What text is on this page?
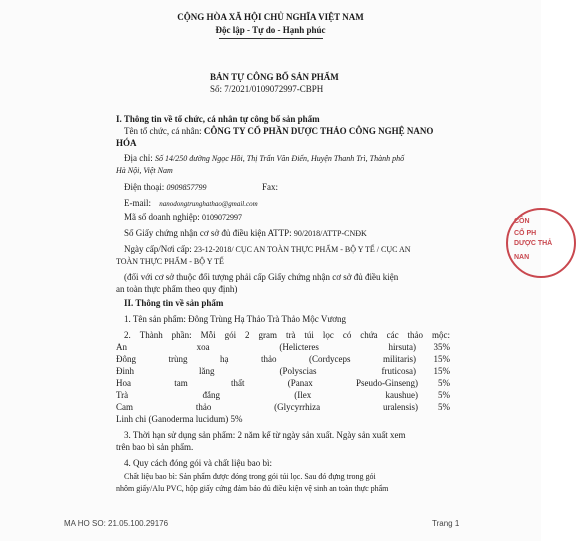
CỘNG HÒA XÃ HỘI CHỦ NGHĨA VIỆT NAM
Độc lập - Tự do - Hạnh phúc
BẢN TỰ CÔNG BỐ SẢN PHẨM
Số: 7/2021/0109072997-CBPH
I. Thông tin về tổ chức, cá nhân tự công bố sản phẩm
Tên tổ chức, cá nhân: CÔNG TY CỔ PHẦN DƯỢC THẢO CÔNG NGHỆ NANO
HÓA
Địa chỉ: Số 14/250 đường Ngọc Hồi, Thị Trấn Văn Điển, Huyện Thanh Trì, Thành phố
Hà Nội, Việt Nam
Điện thoại: 0909857799	Fax:
E-mail: nanodongtrunghathao@gmail.com
Mã số doanh nghiệp: 0109072997
Số Giấy chứng nhận cơ sở đủ điều kiện ATTP: 90/2018/ATTP-CNĐK
Ngày cấp/Nơi cấp: 23-12-2018/ CỤC AN TOÀN THỰC PHẨM - BỘ Y TẾ / CỤC AN
TOÀN THỰC PHẨM - BỘ Y TẾ
(đối với cơ sở thuộc đối tượng phải cấp Giấy chứng nhận cơ sở đủ điều kiện
an toàn thực phẩm theo quy định)
II. Thông tin về sản phẩm
1. Tên sản phẩm: Đông Trùng Hạ Thảo Trà Thảo Mộc Vương
2. Thành phần: Mỗi gói 2 gram trà túi lọc có chứa các thảo mộc:
An	xoa	(Helicteres	hirsuta) 35%
Đông	trùng	hạ	thảo	(Cordyceps	militaris) 15%
Đinh	lăng	(Polyscias	fruticosa) 15%
Hoa	tam	thất	(Panax	Pseudo-Ginseng) 5%
Trà	đắng	(Ilex	kaushue) 5%
Cam	thảo	(Glycyrrhiza	uralensis) 5%
Linh chi (Ganoderma lucidum) 5%
3. Thời hạn sử dụng sản phẩm: 2 năm kể từ ngày sản xuất. Ngày sản xuất xem
trên bao bì sản phẩm.
4. Quy cách đóng gói và chất liệu bao bì:
Chất liệu bao bì: Sản phẩm được đóng trong gói túi lọc. Sau đó đựng trong gói
nhôm giấy/Alu PVC, hộp giấy cứng đảm bảo đủ điều kiện vệ sinh an toàn thực phẩm
CÔN
CỔ PH
DƯỢC THẢ
NAN
MA HO SO: 21.05.100.29176	Trang 1
